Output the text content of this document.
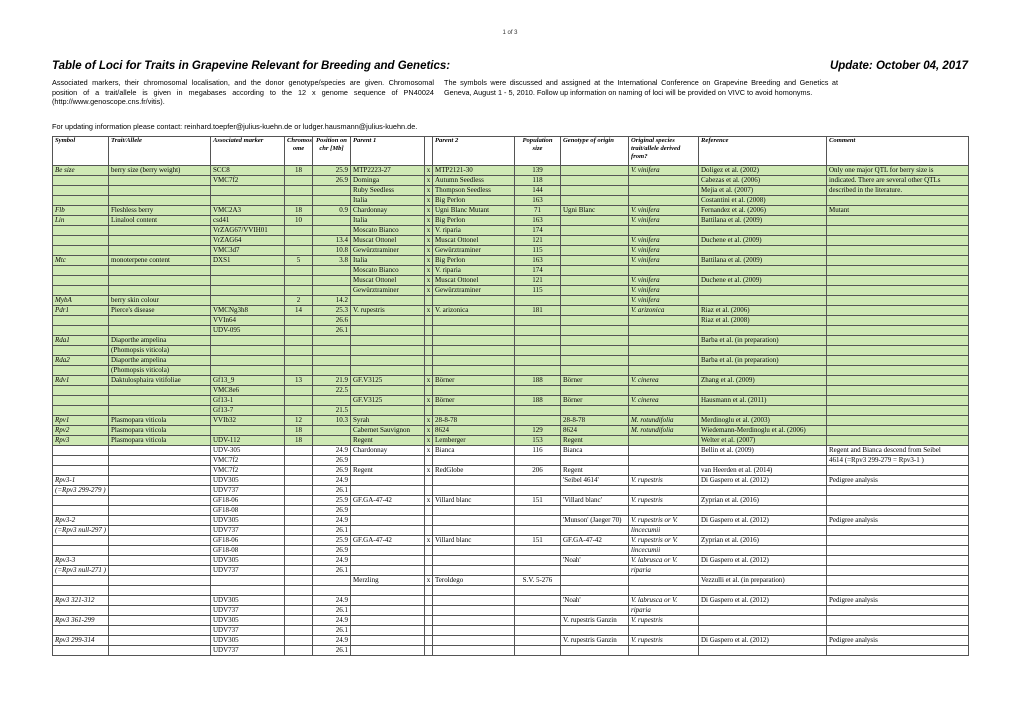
1 of 3
Table of Loci for Traits in Grapevine Relevant for Breeding and Genetics:	Update: October 04, 2017
Associated markers, their chromosomal localisation, and the donor genotype/species are given. Chromosomal position of a trait/allele is given in megabases according to the 12 x genome sequence of PN40024 (http://www.genoscope.cns.fr/vitis).
The symbols were discussed and assigned at the International Conference on Grapevine Breeding and Genetics at Geneva, August 1 - 5, 2010. Follow up information on naming of loci will be provided on VIVC to avoid homonyms.
For updating information please contact: reinhard.toepfer@julius-kuehn.de or ludger.hausmann@julius-kuehn.de.
Symbol	Trait/Allele	Associated marker	Chromos ome	Position on chr [Mb]	Parent 1		Parent 2	Population size	Genotype of origin	Original species trait/allele derived from?	Reference	Comment
Be size	berry size (berry weight)	SCC8	18	25.9	MTP2223-27	x	MTP2121-30	139		V. vinifera	Doligez et al. (2002)	Only one major QTL for berry size is
		VMC7f2		26.9	Dominga	x	Autumn Seedless	118			Cabezas et al. (2006)	indicated. There are several other QTLs
					Ruby Seedless	x	Thompson Seedless	144			Mejia et al. (2007)	described in the literature.
					Italia	x	Big Perlon	163			Costantini et al. (2008)	
Flb	Fleshless berry	VMC2A3	18	0.9	Chardonnay	x	Ugni Blanc Mutant	71	Ugni Blanc	V. vinifera	Fernandez et al. (2006)	Mutant
Lin	Linalool content	csd41	10		Italia	x	Big Perlon	163		V. vinifera	Battilana et al. (2009)	
		VrZAG67/VVIH01			Moscato Bianco	x	V. riparia	174				
		VrZAG64		13.4	Muscat Ottonel	x	Muscat Ottonel	121		V. vinifera	Duchene et al. (2009)	
		VMC3d7		10.8	Gewürztraminer	x	Gewürztraminer	115		V. vinifera		
Mtc	monoterpene content	DXS1	5	3.8	Italia	x	Big Perlon	163		V. vinifera	Battilana et al. (2009)	
					Moscato Bianco	x	V. riparia	174				
					Muscat Ottonel	x	Muscat Ottonel	121		V. vinifera	Duchene et al. (2009)	
					Gewürztraminer	x	Gewürztraminer	115		V. vinifera		
MybA	berry skin colour		2	14.2						V. vinifera		
Pdr1	Pierce's disease	VMCNg3h8	14	25.3	V. rupestris	x	V. arizonica	181		V. arizonica	Riaz et al. (2006)	
		VVIn64		26.6							Riaz et al. (2008)	
		UDV-095		26.1								
Rda1	Diaporthe ampelina										Barba et al. (in preparation)	
	(Phomopsis viticola)											
Rda2	Diaporthe ampelina										Barba et al. (in preparation)	
	(Phomopsis viticola)											
Rdv1	Daktulosphaira vitifoliae	Gf13_9	13	21.9	GF.V3125	x	Börner	188	Börner	V. cinerea	Zhang et al. (2009)	
		VMC8e6		22.5								
		Gf13-1			GF.V3125	x	Börner	188	Börner	V. cinerea	Hausmann et al. (2011)	
		Gf13-7		21.5								
Rpv1	Plasmopara viticola	VVIb32	12	10.3	Syrah	x	28-8-78		28-8-78	M. rotundifolia	Merdinoglu et al. (2003)	
Rpv2	Plasmopara viticola		18		Cabernet Sauvignon	x	8624	129	8624	M. rotundifolia	Wiedemann-Merdinoglu et al. (2006)	
Rpv3	Plasmopara viticola	UDV-112	18		Regent	x	Lemberger	153	Regent		Welter et al. (2007)	
		UDV-305		24.9	Chardonnay	x	Bianca	116	Bianca		Bellin et al. (2009)	Regent and Bianca descend from Seibel
		VMC7f2		26.9								4614 (=Rpv3 299-279 = Rpv3-1 )
		VMC7f2		26.9	Regent	x	RedGlobe	206	Regent		van Heerden et al. (2014)	
Rpv3-1		UDV305		24.9					'Seibel 4614'	V. rupestris	Di Gaspero et al. (2012)	Pedigree analysis
(=Rpv3 299-279 )		UDV737		26.1								
		GF18-06		25.9	GF.GA-47-42	x	Villard blanc	151	'Villard blanc'	V. rupestris	Zyprian et al. (2016)	
		GF18-08		26.9								
Rpv3-2		UDV305		24.9					'Munson' (Jaeger 70)	V. rupestris or V.	Di Gaspero et al. (2012)	Pedigree analysis
(=Rpv3 null-297 )		UDV737		26.1						lincecumii		
		GF18-06		25.9	GF.GA-47-42	x	Villard blanc	151	GF.GA-47-42	V. rupestris or V.	Zyprian et al. (2016)	
		GF18-08		26.9						lincecumii		
Rpv3-3		UDV305		24.9					'Noah'	V. labrusca or V.	Di Gaspero et al. (2012)	
(=Rpv3 null-271 )		UDV737		26.1						riparia		
					Merzling	x	Teroldego	S.V. 5-276			Vezzulli et al. (in preparation)	

Rpv3 321-312		UDV305		24.9					'Noah'	V. labrusca or V.	Di Gaspero et al. (2012)	Pedigree analysis
		UDV737		26.1						riparia		
Rpv3 361-299		UDV305		24.9					V. rupestris Ganzin	V. rupestris		
		UDV737		26.1								
Rpv3 299-314		UDV305		24.9					V. rupestris Ganzin	V. rupestris	Di Gaspero et al. (2012)	Pedigree analysis
		UDV737		26.1								
